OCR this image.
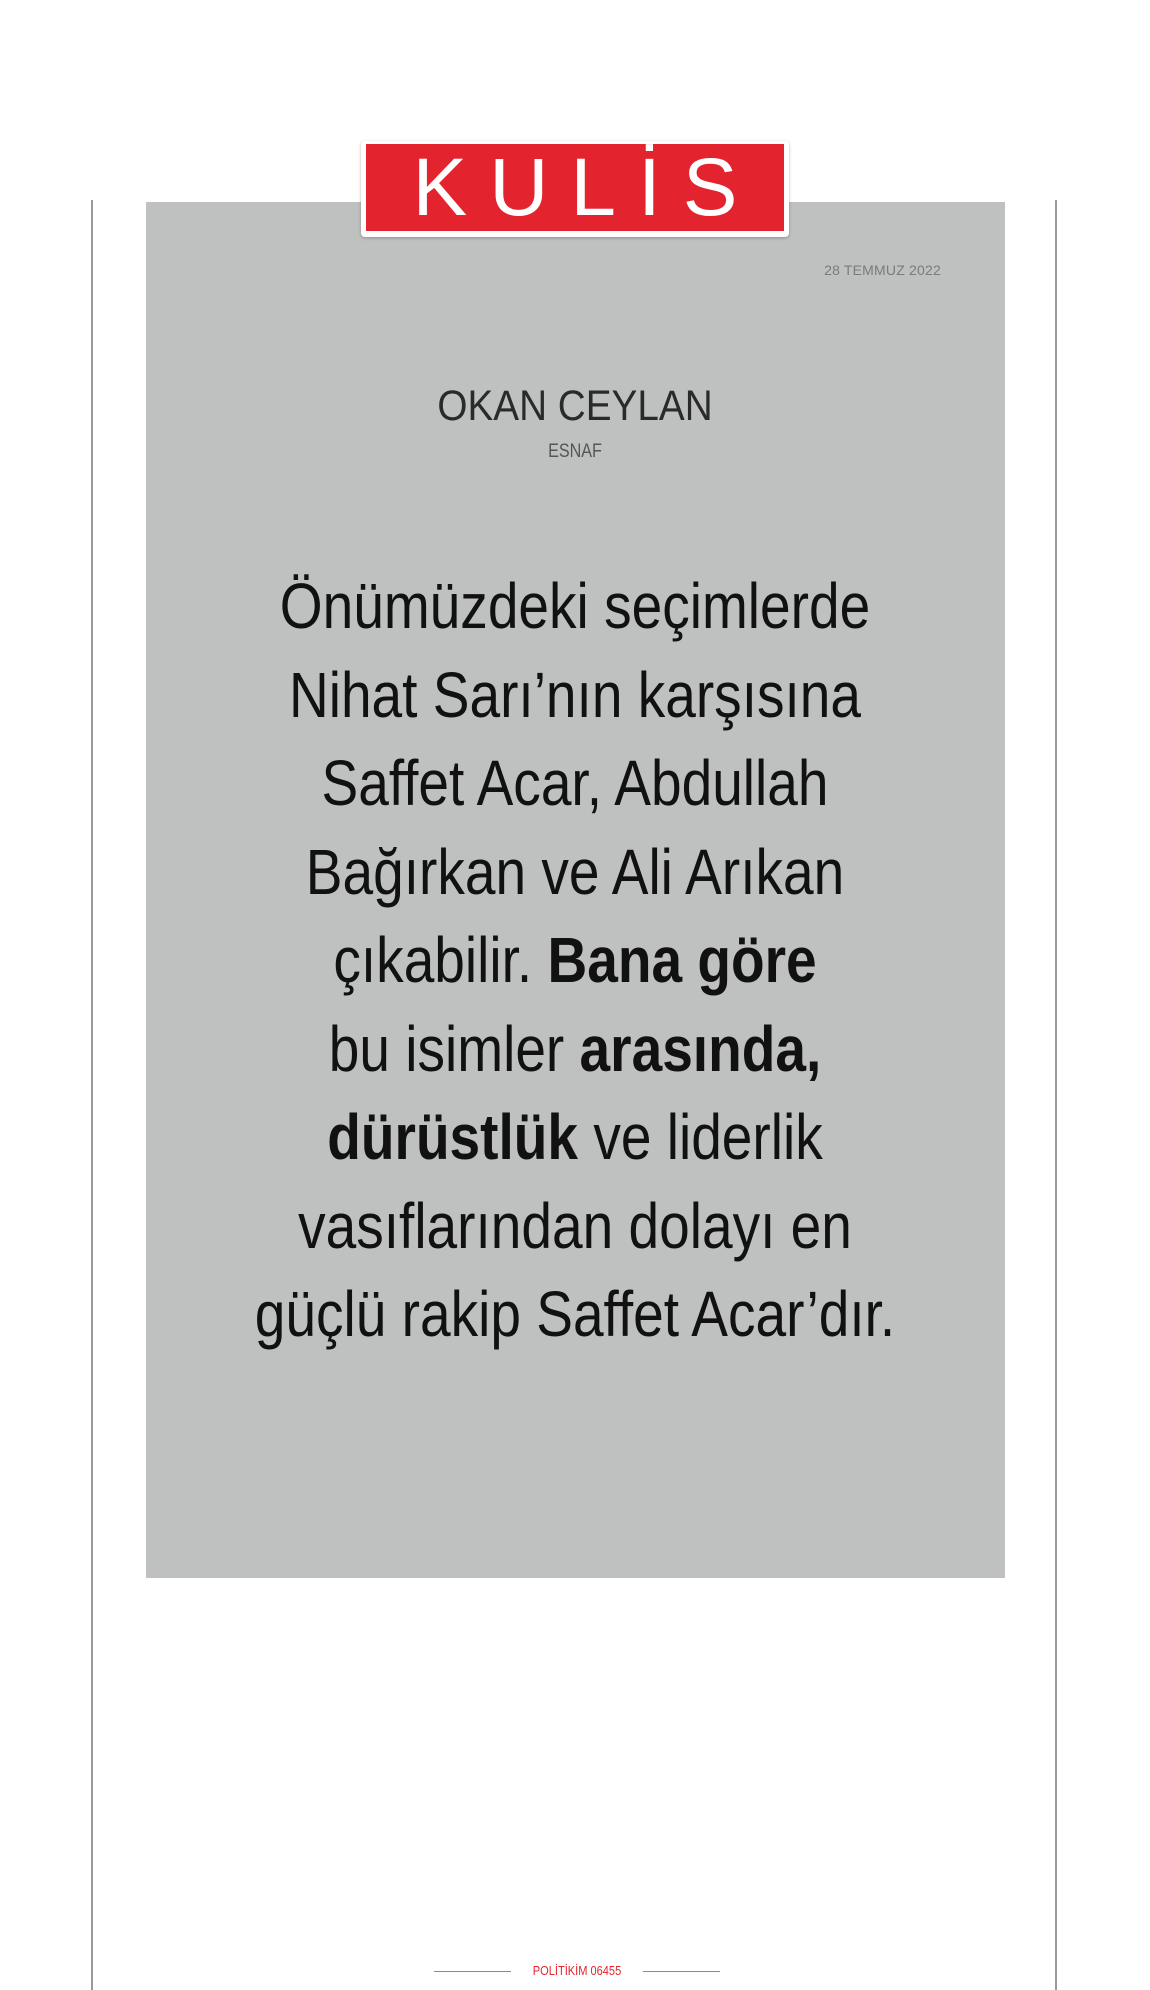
KULİS
28 TEMMUZ 2022
OKAN CEYLAN
ESNAF
Önümüzdeki seçimlerde
Nihat Sarı’nın karşısına
Saffet Acar, Abdullah
Bağırkan ve Ali Arıkan
çıkabilir. Bana göre
bu isimler arasında,
dürüstlük ve liderlik
vasıflarından dolayı en
güçlü rakip Saffet Acar’dır.
POLİTİKİM 06455
